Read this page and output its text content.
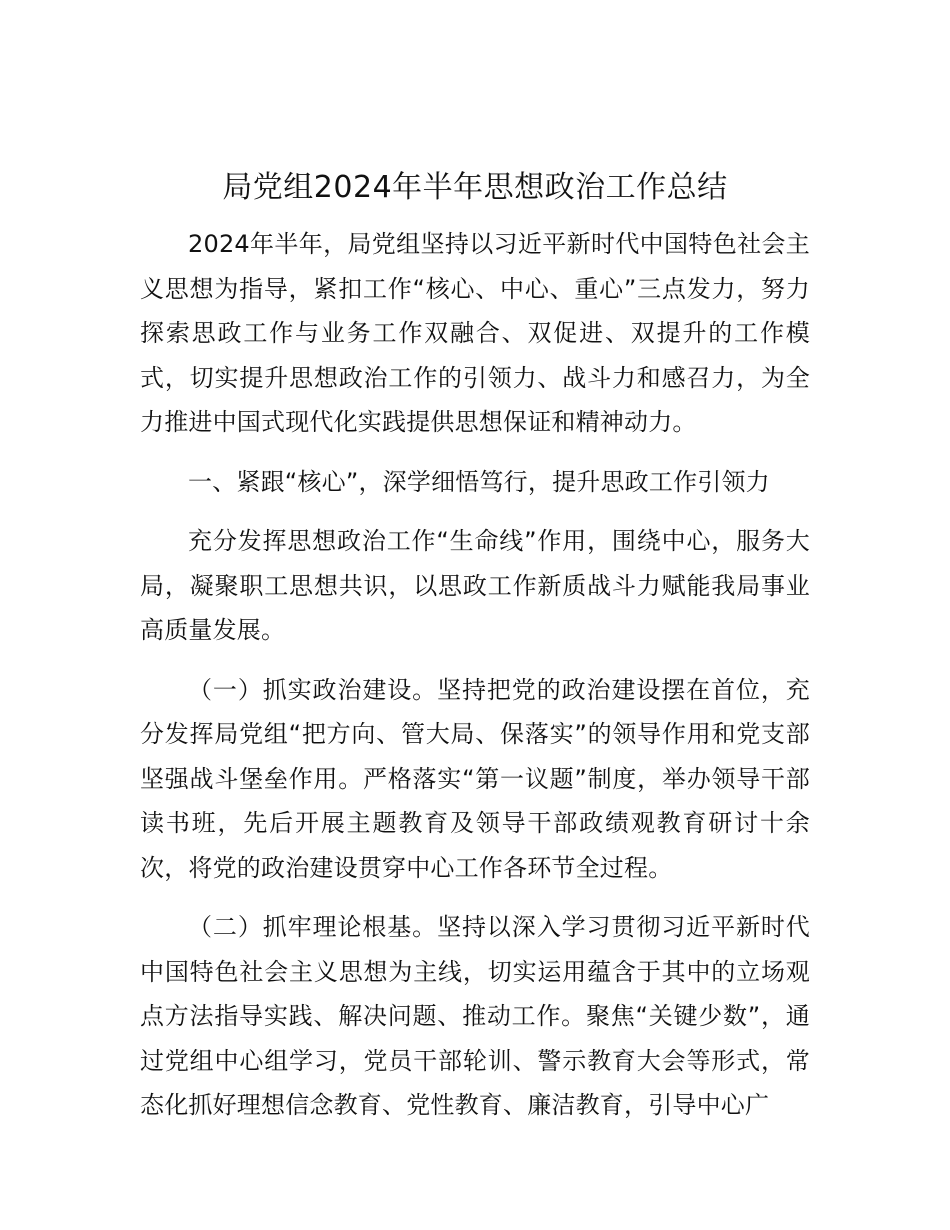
局党组2024年半年思想政治工作总结

2024年半年，局党组坚持以习近平新时代中国特色社会主义思想为指导，紧扣工作“核心、中心、重心”三点发力，努力探索思政工作与业务工作双融合、双促进、双提升的工作模式，切实提升思想政治工作的引领力、战斗力和感召力，为全力推进中国式现代化实践提供思想保证和精神动力。

一、紧跟“核心”，深学细悟笃行，提升思政工作引领力

充分发挥思想政治工作“生命线”作用，围绕中心，服务大局，凝聚职工思想共识，以思政工作新质战斗力赋能我局事业高质量发展。

（一）抓实政治建设。坚持把党的政治建设摆在首位，充分发挥局党组“把方向、管大局、保落实”的领导作用和党支部坚强战斗堡垒作用。严格落实“第一议题”制度，举办领导干部读书班，先后开展主题教育及领导干部政绩观教育研讨十余次，将党的政治建设贯穿中心工作各环节全过程。

（二）抓牢理论根基。坚持以深入学习贯彻习近平新时代中国特色社会主义思想为主线，切实运用蕴含于其中的立场观点方法指导实践、解决问题、推动工作。聚焦“关键少数”，通过党组中心组学习，党员干部轮训、警示教育大会等形式，常态化抓好理想信念教育、党性教育、廉洁教育，引导中心广
